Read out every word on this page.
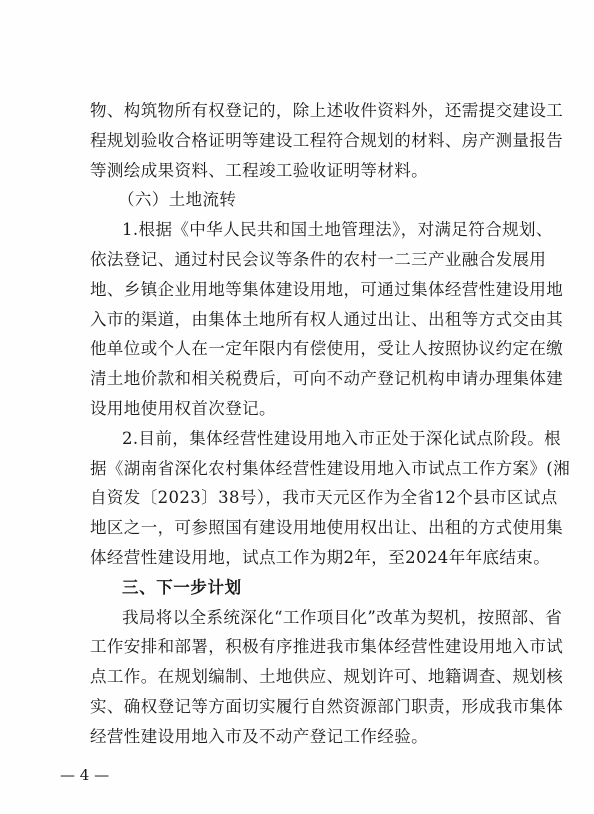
物、构筑物所有权登记的，除上述收件资料外，还需提交建设工
程规划验收合格证明等建设工程符合规划的材料、房产测量报告
等测绘成果资料、工程竣工验收证明等材料。
（六）土地流转
1.根据《中华人民共和国土地管理法》，对满足符合规划、
依法登记、通过村民会议等条件的农村一二三产业融合发展用
地、乡镇企业用地等集体建设用地，可通过集体经营性建设用地
入市的渠道，由集体土地所有权人通过出让、出租等方式交由其
他单位或个人在一定年限内有偿使用，受让人按照协议约定在缴
清土地价款和相关税费后，可向不动产登记机构申请办理集体建
设用地使用权首次登记。
2.目前，集体经营性建设用地入市正处于深化试点阶段。根
据《湖南省深化农村集体经营性建设用地入市试点工作方案》(湘
自资发〔2023〕38号），我市天元区作为全省12个县市区试点
地区之一，可参照国有建设用地使用权出让、出租的方式使用集
体经营性建设用地，试点工作为期2年，至2024年年底结束。
三、下一步计划
我局将以全系统深化“工作项目化”改革为契机，按照部、省
工作安排和部署，积极有序推进我市集体经营性建设用地入市试
点工作。在规划编制、土地供应、规划许可、地籍调查、规划核
实、确权登记等方面切实履行自然资源部门职责，形成我市集体
经营性建设用地入市及不动产登记工作经验。
— 4 —
